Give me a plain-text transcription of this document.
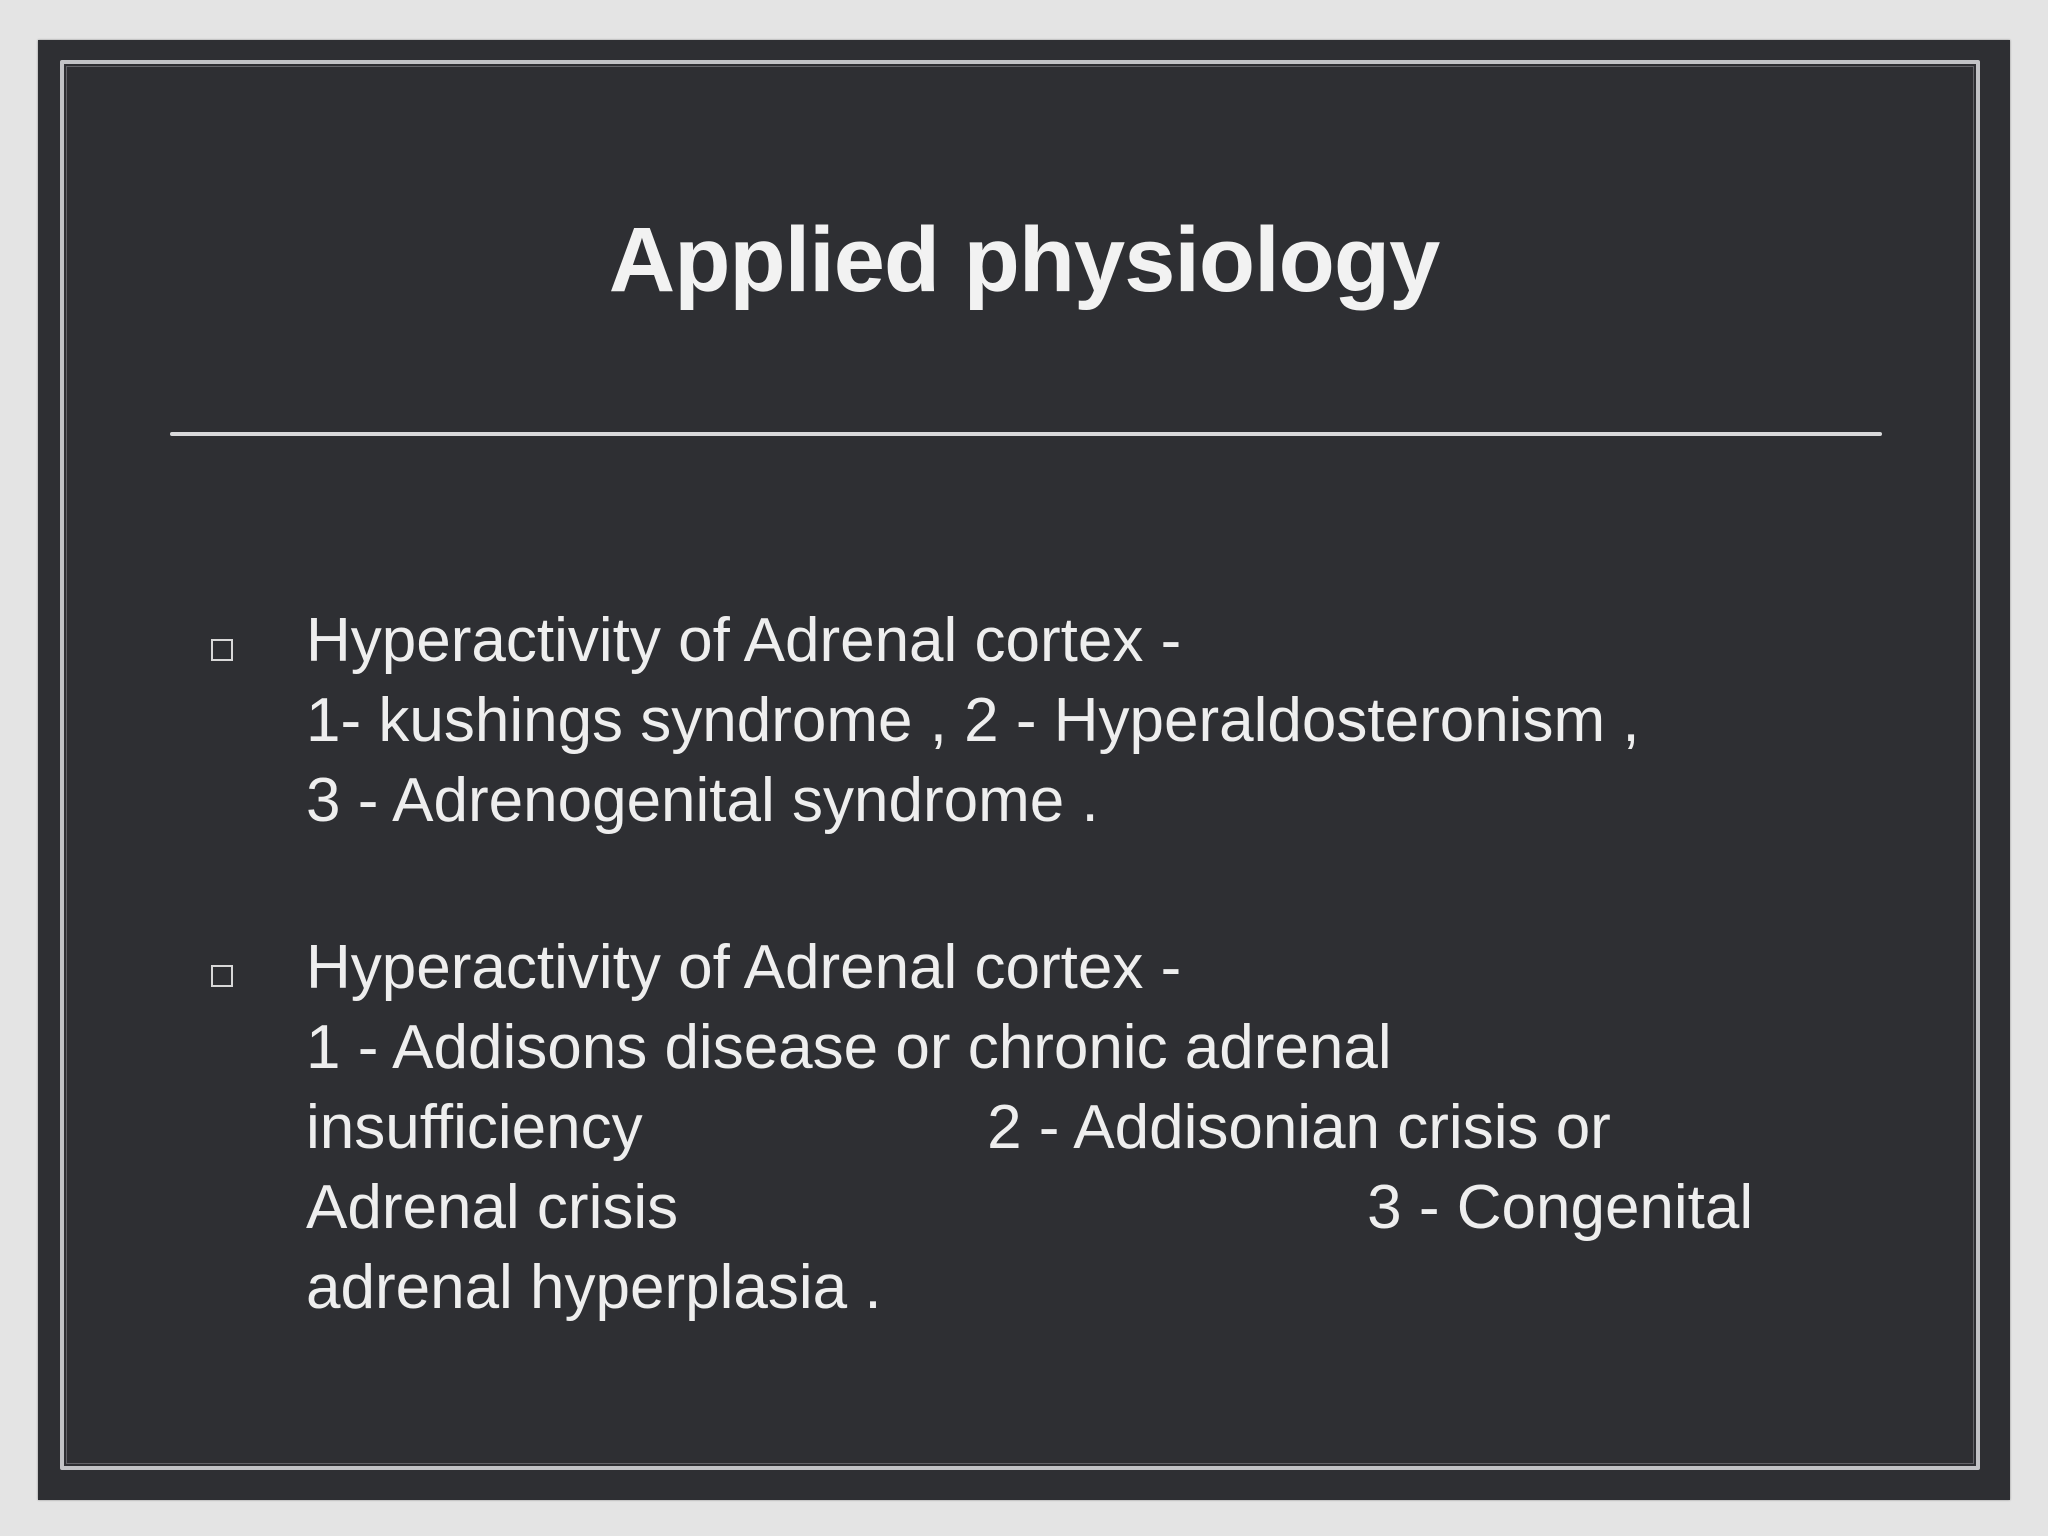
Applied physiology
Hyperactivity of Adrenal cortex -
1- kushings syndrome , 2 - Hyperaldosteronism ,
3 - Adrenogenital syndrome .
Hyperactivity of Adrenal cortex -
1 - Addisons disease or chronic adrenal
insufficiency                    2 - Addisonian crisis or
Adrenal crisis                                        3 - Congenital
adrenal hyperplasia .
